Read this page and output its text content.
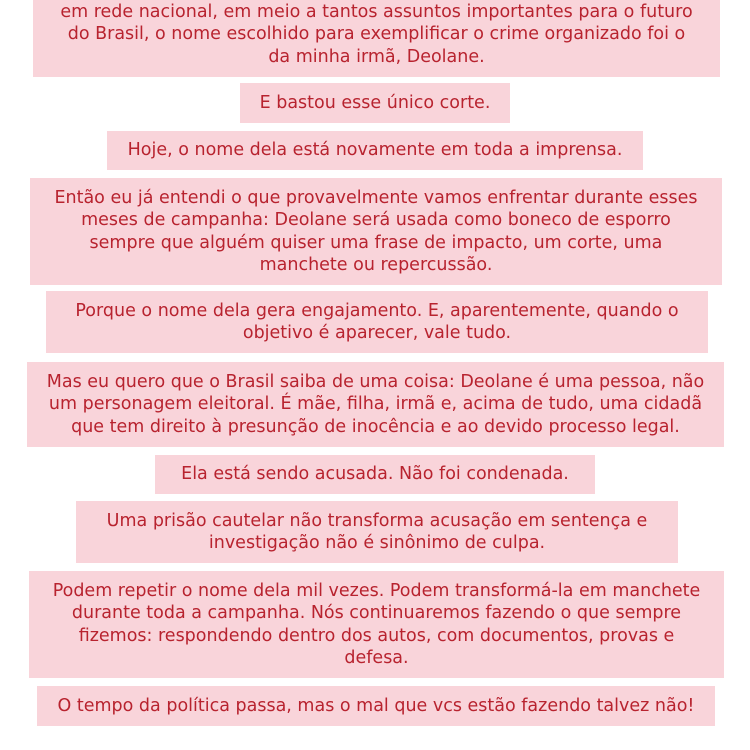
em rede nacional, em meio a tantos assuntos importantes para o futuro
do Brasil, o nome escolhido para exemplificar o crime organizado foi o
da minha irmã, Deolane.
E bastou esse único corte.
Hoje, o nome dela está novamente em toda a imprensa.
Então eu já entendi o que provavelmente vamos enfrentar durante esses
meses de campanha: Deolane será usada como boneco de esporro
sempre que alguém quiser uma frase de impacto, um corte, uma
manchete ou repercussão.
Porque o nome dela gera engajamento. E, aparentemente, quando o
objetivo é aparecer, vale tudo.
Mas eu quero que o Brasil saiba de uma coisa: Deolane é uma pessoa, não
um personagem eleitoral. É mãe, filha, irmã e, acima de tudo, uma cidadã
que tem direito à presunção de inocência e ao devido processo legal.
Ela está sendo acusada. Não foi condenada.
Uma prisão cautelar não transforma acusação em sentença e
investigação não é sinônimo de culpa.
Podem repetir o nome dela mil vezes. Podem transformá-la em manchete
durante toda a campanha. Nós continuaremos fazendo o que sempre
fizemos: respondendo dentro dos autos, com documentos, provas e
defesa.
O tempo da política passa, mas o mal que vcs estão fazendo talvez não!
